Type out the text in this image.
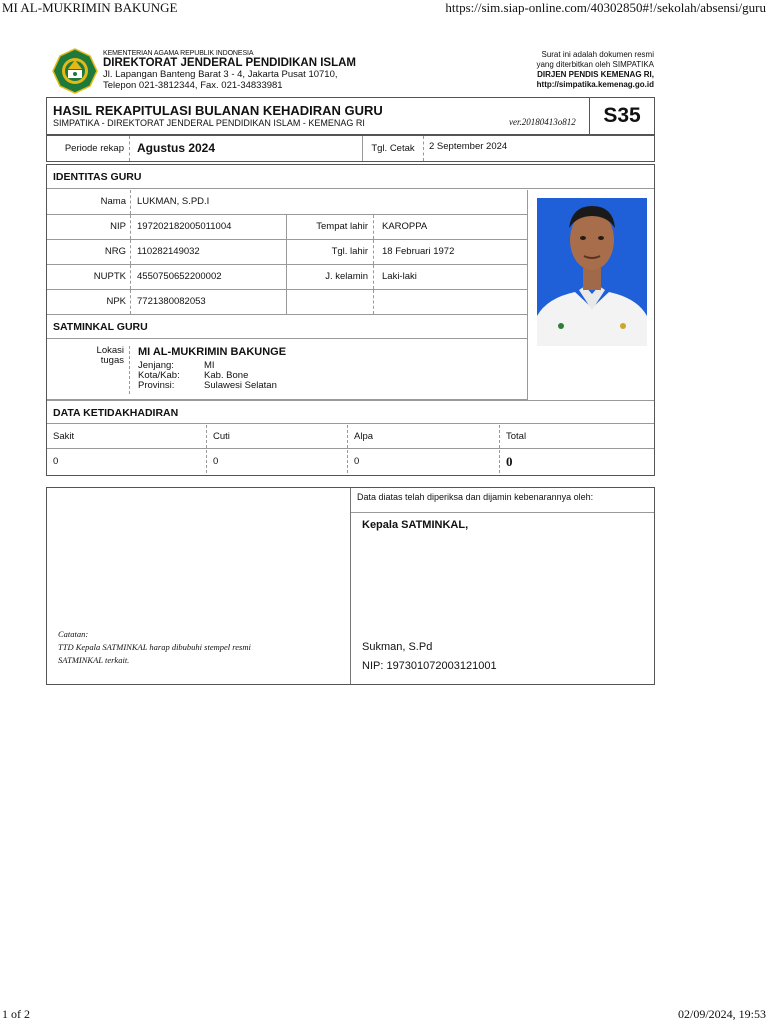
MI AL-MUKRIMIN BAKUNGE	https://sim.siap-online.com/40302850#!/sekolah/absensi/guru
KEMENTERIAN AGAMA REPUBLIK INDONESIA
DIREKTORAT JENDERAL PENDIDIKAN ISLAM
Jl. Lapangan Banteng Barat 3 - 4, Jakarta Pusat 10710,
Telepon 021-3812344, Fax. 021-34833981
Surat ini adalah dokumen resmi
yang diterbitkan oleh SIMPATIKA
DIRJEN PENDIS KEMENAG RI,
http://simpatika.kemenag.go.id
HASIL REKAPITULASI BULANAN KEHADIRAN GURU
SIMPATIKA - DIREKTORAT JENDERAL PENDIDIKAN ISLAM - KEMENAG RI	ver.20180413o812	S35
Periode rekap	Agustus 2024	Tgl. Cetak	2 September 2024
IDENTITAS GURU
Nama	LUKMAN, S.PD.I
NIP	197202182005011004	Tempat lahir	KAROPPA
NRG	110282149032	Tgl. lahir	18 Februari 1972
NUPTK	4550750652200002	J. kelamin	Laki-laki
NPK	7721380082053
SATMINKAL GURU
Lokasi
tugas
MI AL-MUKRIMIN BAKUNGE
Jenjang:	MI
Kota/Kab:	Kab. Bone
Provinsi:	Sulawesi Selatan
DATA KETIDAKHADIRAN
Sakit	Cuti	Alpa	Total
0	0	0	0
Catatan:
TTD Kepala SATMINKAL harap dibubuhi stempel resmi
SATMINKAL terkait.
Data diatas telah diperiksa dan dijamin kebenarannya oleh:
Kepala SATMINKAL,
Sukman, S.Pd
NIP: 197301072003121001
1 of 2	02/09/2024, 19:53
